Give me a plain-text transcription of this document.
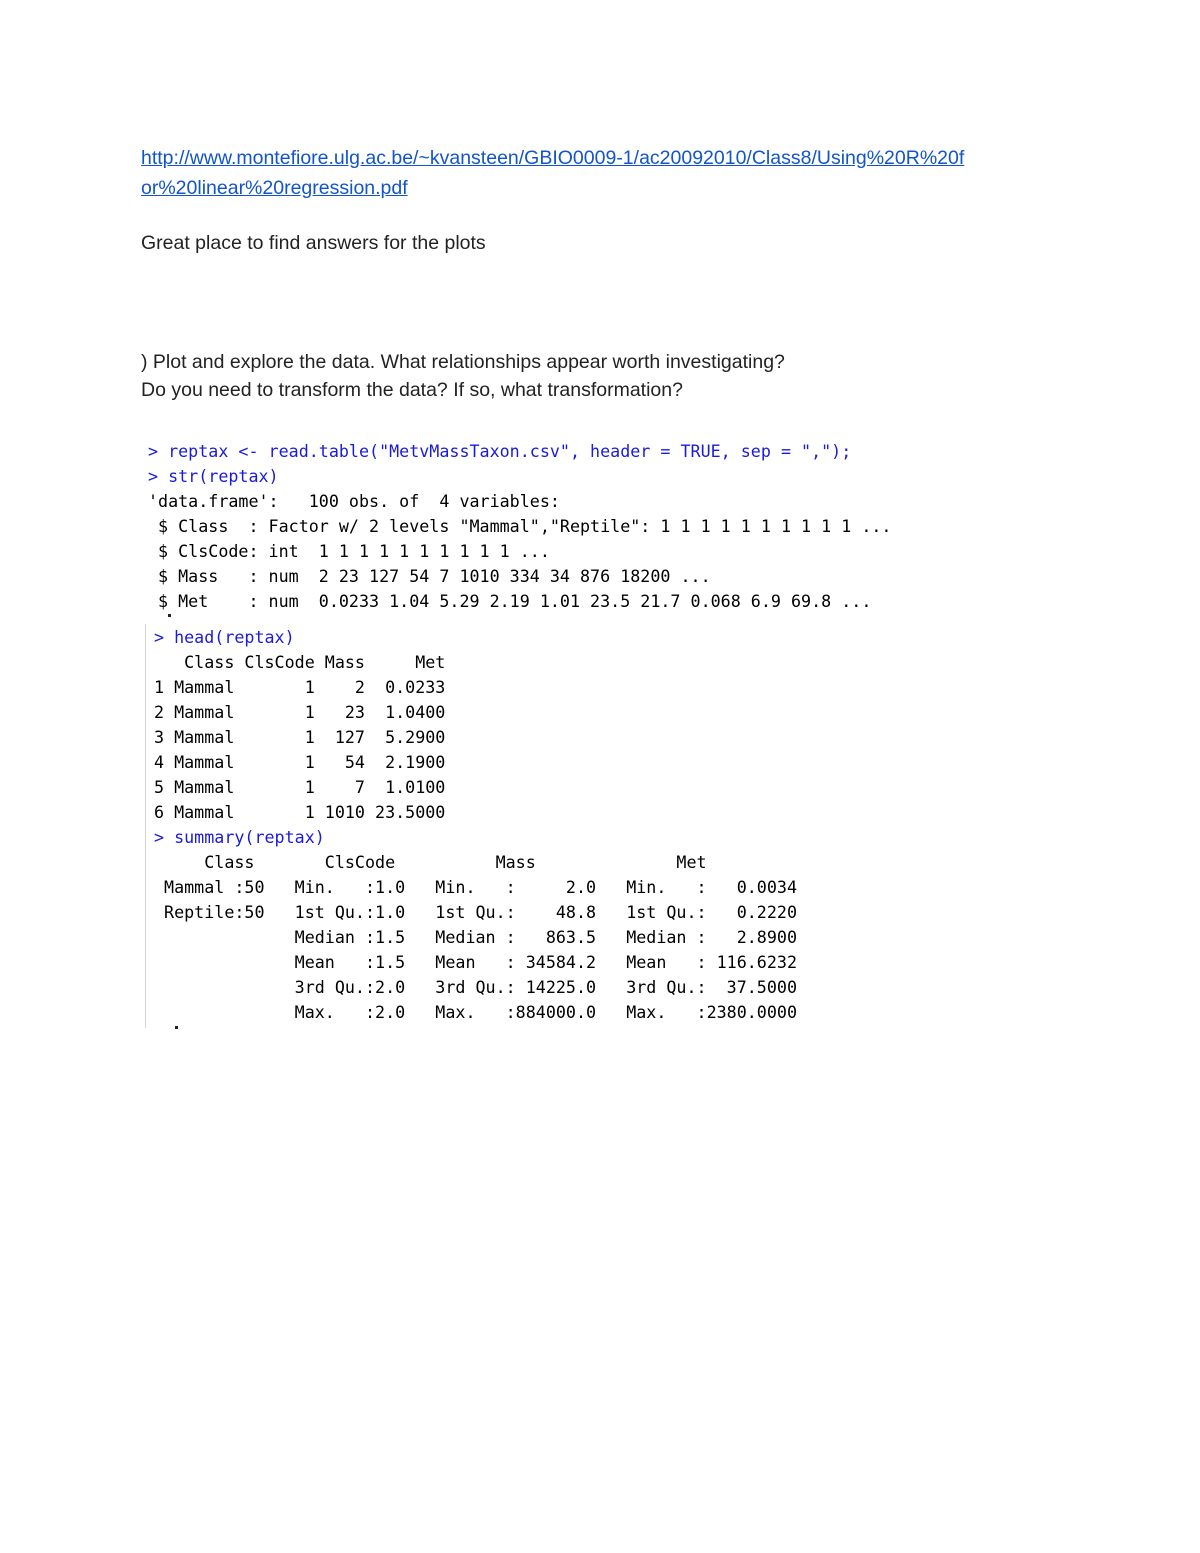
http://www.montefiore.ulg.ac.be/~kvansteen/GBIO0009-1/ac20092010/Class8/Using%20R%20f
or%20linear%20regression.pdf
Great place to find answers for the plots
) Plot and explore the data. What relationships appear worth investigating?
Do you need to transform the data? If so, what transformation?
> reptax <- read.table("MetvMassTaxon.csv", header = TRUE, sep = ",");
> str(reptax)
'data.frame':   100 obs. of  4 variables:
$ Class  : Factor w/ 2 levels "Mammal","Reptile": 1 1 1 1 1 1 1 1 1 1 ...
$ ClsCode: int  1 1 1 1 1 1 1 1 1 1 ...
$ Mass   : num  2 23 127 54 7 1010 334 34 876 18200 ...
$ Met    : num  0.0233 1.04 5.29 2.19 1.01 23.5 21.7 0.068 6.9 69.8 ...
> head(reptax)
Class ClsCode Mass     Met
1 Mammal       1    2  0.0233
2 Mammal       1   23  1.0400
3 Mammal       1  127  5.2900
4 Mammal       1   54  2.1900
5 Mammal       1    7  1.0100
6 Mammal       1 1010 23.5000
> summary(reptax)
Class       ClsCode          Mass              Met
Mammal :50   Min.   :1.0   Min.   :     2.0   Min.   :   0.0034
Reptile:50   1st Qu.:1.0   1st Qu.:    48.8   1st Qu.:   0.2220
Median :1.5   Median :   863.5   Median :   2.8900
Mean   :1.5   Mean   : 34584.2   Mean   : 116.6232
3rd Qu.:2.0   3rd Qu.: 14225.0   3rd Qu.:  37.5000
Max.   :2.0   Max.   :884000.0   Max.   :2380.0000
